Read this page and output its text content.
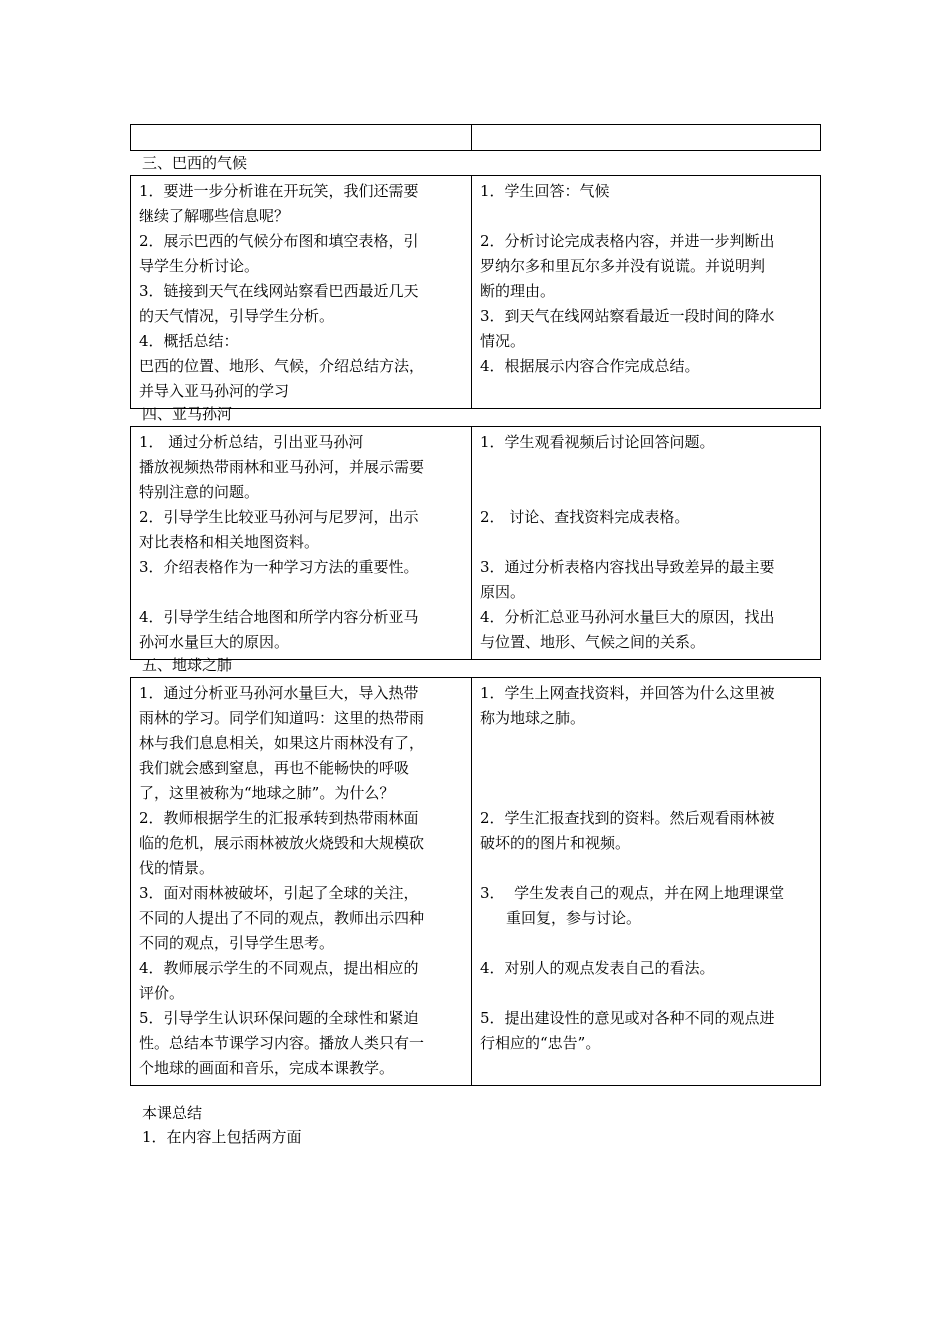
三、巴西的气候
1．要进一步分析谁在开玩笑，我们还需要
继续了解哪些信息呢？
2．展示巴西的气候分布图和填空表格，引
导学生分析讨论。
3．链接到天气在线网站察看巴西最近几天
的天气情况，引导学生分析。
4．概括总结：
巴西的位置、地形、气候，介绍总结方法，
并导入亚马孙河的学习

1．学生回答：气候

2．分析讨论完成表格内容，并进一步判断出
罗纳尔多和里瓦尔多并没有说谎。并说明判
断的理由。
3．到天气在线网站察看最近一段时间的降水
情况。
4．根据展示内容合作完成总结。
四、亚马孙河
1． 通过分析总结，引出亚马孙河
播放视频热带雨林和亚马孙河，并展示需要
特别注意的问题。
2．引导学生比较亚马孙河与尼罗河，出示
对比表格和相关地图资料。
3．介绍表格作为一种学习方法的重要性。

4．引导学生结合地图和所学内容分析亚马
孙河水量巨大的原因。

1．学生观看视频后讨论回答问题。

2． 讨论、查找资料完成表格。

3．通过分析表格内容找出导致差异的最主要
原因。
4．分析汇总亚马孙河水量巨大的原因，找出
与位置、地形、气候之间的关系。
五、地球之肺
1．通过分析亚马孙河水量巨大，导入热带
雨林的学习。同学们知道吗：这里的热带雨
林与我们息息相关，如果这片雨林没有了，
我们就会感到窒息，再也不能畅快的呼吸
了，这里被称为“地球之肺”。为什么？
2．教师根据学生的汇报承转到热带雨林面
临的危机，展示雨林被放火烧毁和大规模砍
伐的情景。
3．面对雨林被破坏，引起了全球的关注，
不同的人提出了不同的观点，教师出示四种
不同的观点，引导学生思考。
4．教师展示学生的不同观点，提出相应的
评价。
5．引导学生认识环保问题的全球性和紧迫
性。总结本节课学习内容。播放人类只有一
个地球的画面和音乐，完成本课教学。

1．学生上网查找资料，并回答为什么这里被
称为地球之肺。

2．学生汇报查找到的资料。然后观看雨林被
破坏的的图片和视频。

3．  学生发表自己的观点，并在网上地理课堂
重回复，参与讨论。

4．对别人的观点发表自己的看法。

5．提出建设性的意见或对各种不同的观点进
行相应的“忠告”。
本课总结
1．在内容上包括两方面
